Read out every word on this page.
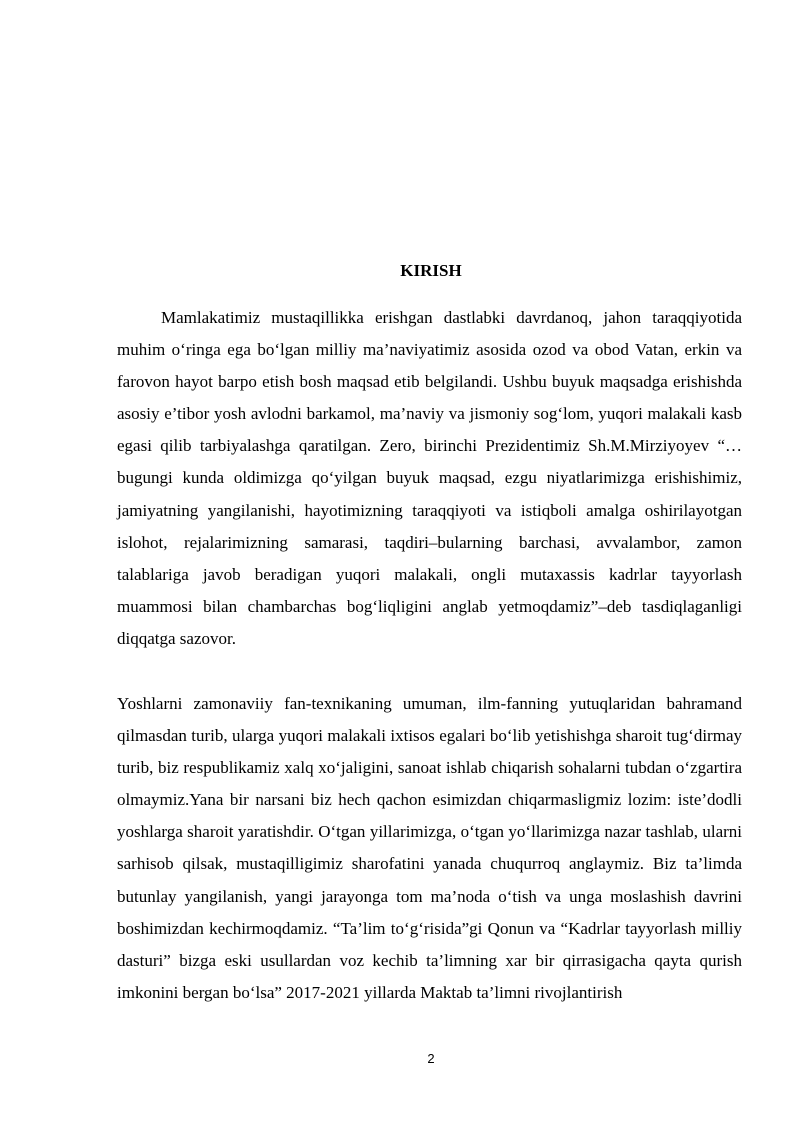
KIRISH

Mamlakatimiz mustaqillikka erishgan dastlabki davrdanoq, jahon taraqqiyotida muhim o‘ringa ega bo‘lgan milliy ma’naviyatimiz asosida ozod va obod Vatan, erkin va farovon hayot barpo etish bosh maqsad etib belgilandi. Ushbu buyuk maqsadga erishishda asosiy e’tibor yosh avlodni barkamol, ma’naviy va jismoniy sog‘lom, yuqori malakali kasb egasi qilib tarbiyalashga qaratilgan. Zero, birinchi Prezidentimiz Sh.M.Mirziyoyev “…bugungi kunda oldimizga qo‘yilgan buyuk maqsad, ezgu niyatlarimizga erishishimiz, jamiyatning yangilanishi, hayotimizning taraqqiyoti va istiqboli amalga oshirilayotgan islohot, rejalarimizning samarasi, taqdiri–bularning barchasi, avvalambor, zamon talablariga javob beradigan yuqori malakali, ongli mutaxassis kadrlar tayyorlash muammosi bilan chambarchas bog‘liqligini anglab yetmoqdamiz”–deb tasdiqlaganligi diqqatga sazovor.

Yoshlarni zamonaviiy fan-texnikaning umuman, ilm-fanning yutuqlaridan bahramand qilmasdan turib, ularga yuqori malakali ixtisos egalari bo‘lib yetishishga sharoit tug‘dirmay turib, biz respublikamiz xalq xo‘jaligini, sanoat ishlab chiqarish sohalarni tubdan o‘zgartira olmaymiz.Yana bir narsani biz hech qachon esimizdan chiqarmasligmiz lozim: iste’dodli yoshlarga sharoit yaratishdir. O‘tgan yillarimizga, o‘tgan yo‘llarimizga nazar tashlab, ularni sarhisob qilsak, mustaqilligimiz sharofatini yanada chuqurroq anglaymiz. Biz ta’limda butunlay yangilanish, yangi jarayonga tom ma’noda o‘tish va unga moslashish davrini boshimizdan kechirmoqdamiz. “Ta’lim to‘g‘risida”gi Qonun va “Kadrlar tayyorlash milliy dasturi” bizga eski usullardan voz kechib ta’limning xar bir qirrasigacha qayta qurish imkonini bergan bo‘lsa” 2017-2021 yillarda Maktab ta’limni rivojlantirish

2
